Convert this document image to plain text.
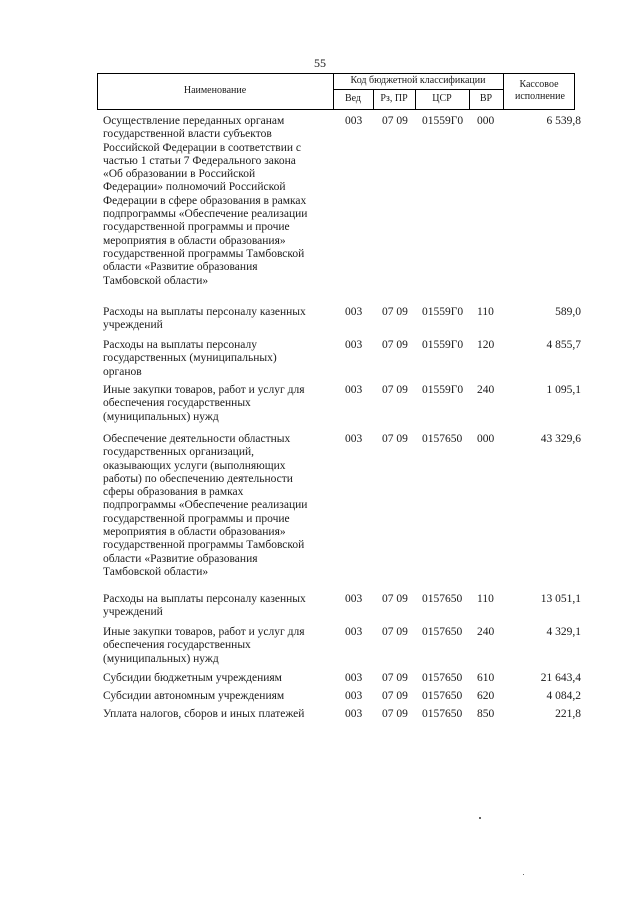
55
Наименование
Код бюджетной классификации
Вед	Рз, ПР	ЦСР	ВР
Кассовое исполнение
Осуществление переданных органам
государственной власти субъектов
Российской Федерации в соответствии с
частью 1 статьи 7 Федерального закона
«Об образовании в Российской
Федерации» полномочий Российской
Федерации в сфере образования в рамках
подпрограммы «Обеспечение реализации
государственной программы и прочие
мероприятия в области образования»
государственной программы Тамбовской
области «Развитие образования
Тамбовской области»
003	07 09	01559Г0	000	6 539,8
Расходы на выплаты персоналу казенных
учреждений
003	07 09	01559Г0	110	589,0
Расходы на выплаты персоналу
государственных (муниципальных)
органов
003	07 09	01559Г0	120	4 855,7
Иные закупки товаров, работ и услуг для
обеспечения государственных
(муниципальных) нужд
003	07 09	01559Г0	240	1 095,1
Обеспечение деятельности областных
государственных организаций,
оказывающих услуги (выполняющих
работы) по обеспечению деятельности
сферы образования в рамках
подпрограммы «Обеспечение реализации
государственной программы и прочие
мероприятия в области образования»
государственной программы Тамбовской
области «Развитие образования
Тамбовской области»
003	07 09	0157650	000	43 329,6
Расходы на выплаты персоналу казенных
учреждений
003	07 09	0157650	110	13 051,1
Иные закупки товаров, работ и услуг для
обеспечения государственных
(муниципальных) нужд
003	07 09	0157650	240	4 329,1
Субсидии бюджетным учреждениям	003	07 09	0157650	610	21 643,4
Субсидии автономным учреждениям	003	07 09	0157650	620	4 084,2
Уплата налогов, сборов и иных платежей	003	07 09	0157650	850	221,8
